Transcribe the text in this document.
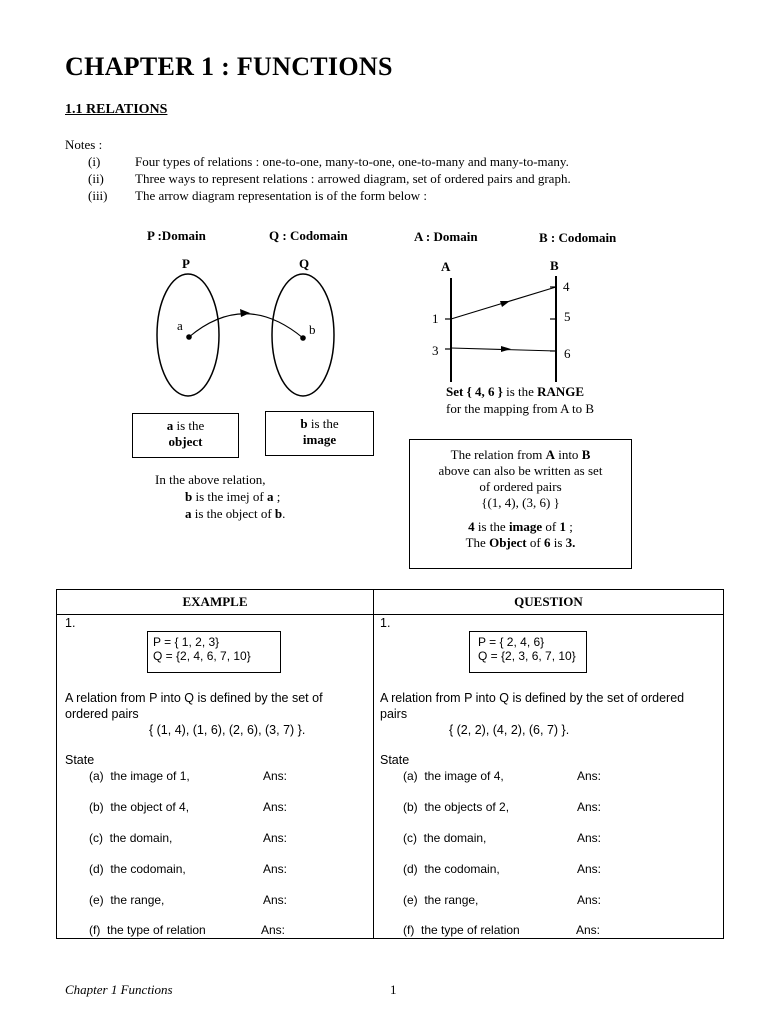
CHAPTER 1 : FUNCTIONS
1.1 RELATIONS
Notes :
(i)	Four types of relations : one-to-one, many-to-one, one-to-many and many-to-many.
(ii) Three ways to represent relations : arrowed diagram, set of ordered pairs and graph.
(iii) The arrow diagram representation is of the form below :
P :Domain	Q : Codomain
P	Q
a	b
a is the
object
b is the
image
In the above relation,
b is the imej of a ;
a is the object of b.
A : Domain	B : Codomain
A	B
1
3
4
5
6
Set { 4, 6 } is the RANGE
for the mapping from A to B
The relation from A into B
above can also be written as set
of ordered pairs
{(1, 4), (3, 6) }
4 is the image of 1 ;
The Object of 6 is 3.
EXAMPLE	QUESTION
1.
P = { 1, 2, 3}
Q = {2, 4, 6, 7, 10}
A relation from P into Q is defined by the set of
ordered pairs
{ (1, 4), (1, 6), (2, 6), (3, 7) }.
State
(a) the image of 1,	Ans:
(b) the object of 4,	Ans:
(c) the domain,	Ans:
(d) the codomain,	Ans:
(e) the range,	Ans:
(f) the type of relation	Ans:
1.
P = { 2, 4, 6}
Q = {2, 3, 6, 7, 10}
A relation from P into Q is defined by the set of ordered
pairs
{ (2, 2), (4, 2), (6, 7) }.
State
(a) the image of 4,	Ans:
(b) the objects of 2,	Ans:
(c) the domain,	Ans:
(d) the codomain,	Ans:
(e) the range,	Ans:
(f) the type of relation	Ans:
Chapter 1 Functions	1
